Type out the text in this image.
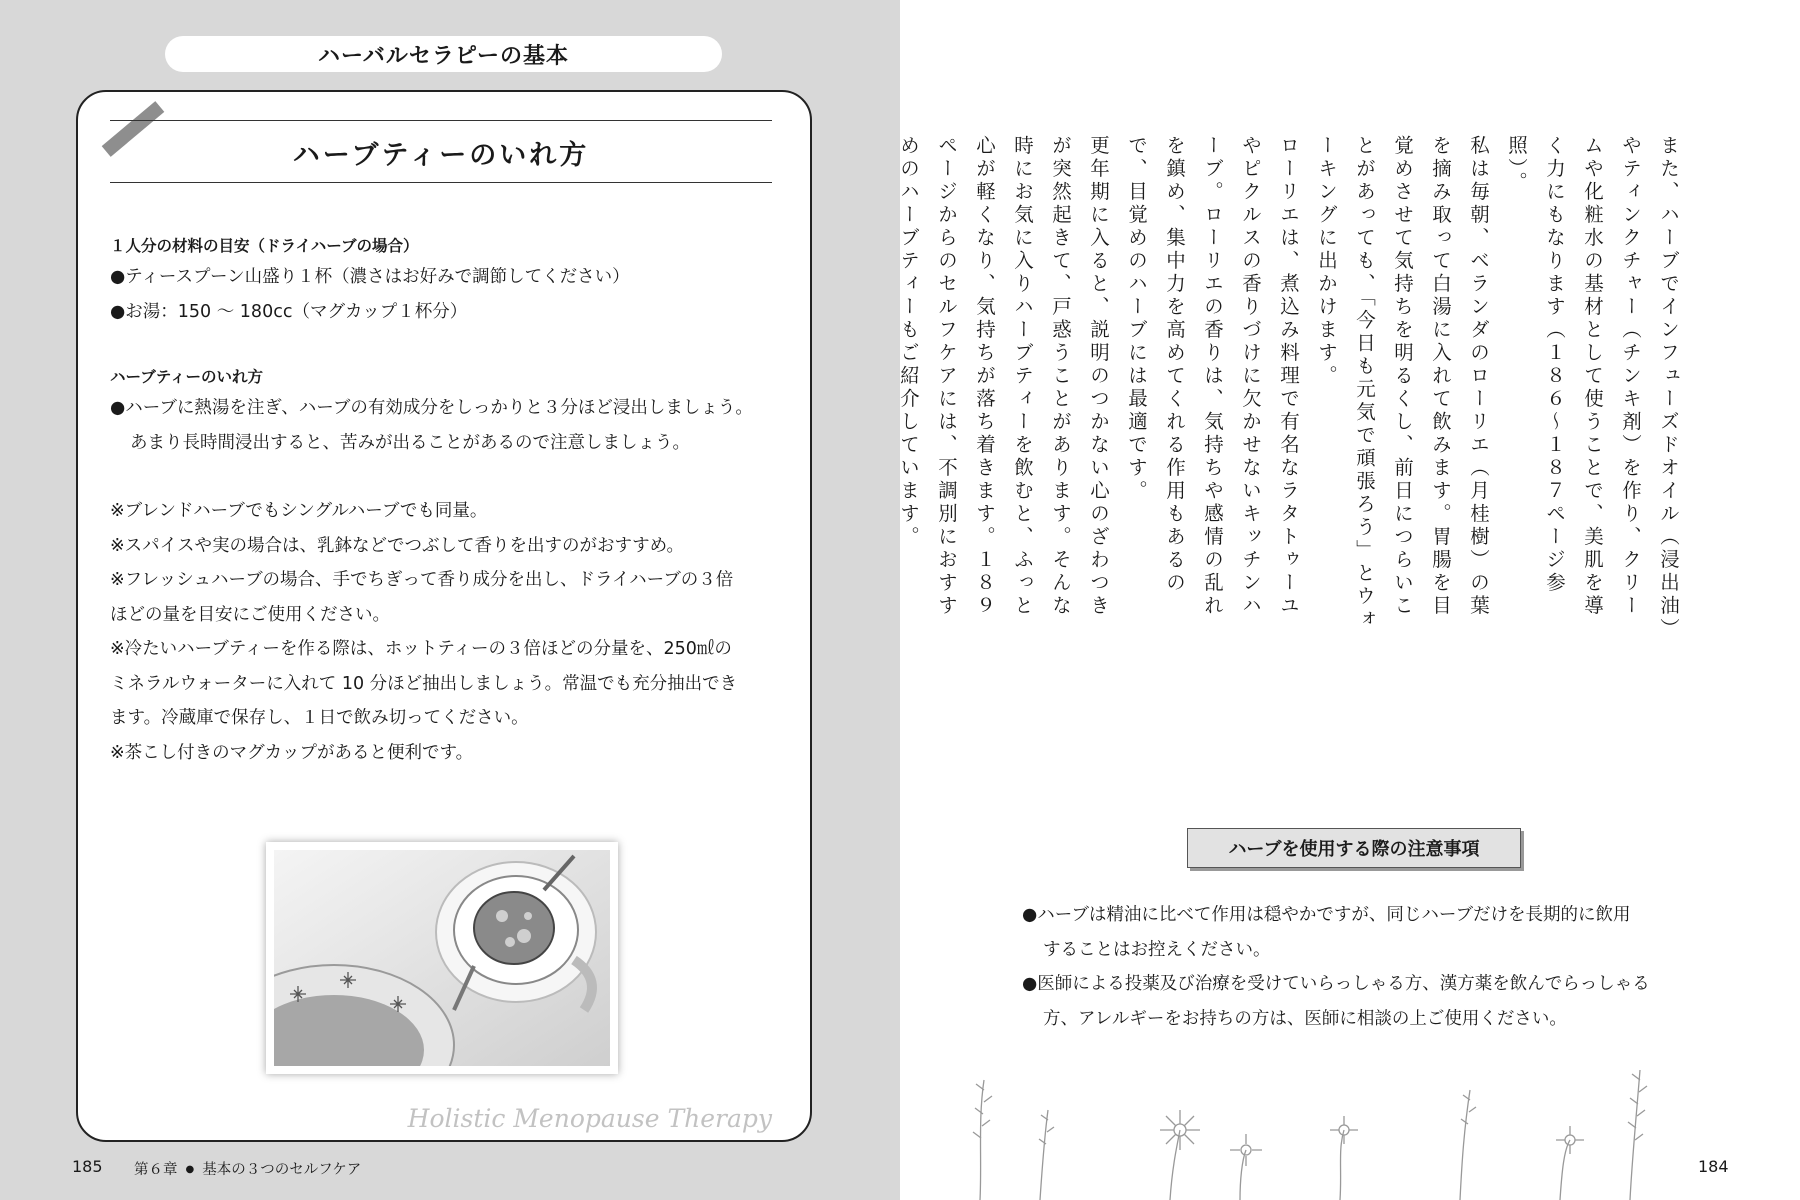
ハーバルセラピーの基本
ハーブティーのいれ方
１人分の材料の目安（ドライハーブの場合）
●ティースプーン山盛り１杯（濃さはお好みで調節してください）
●お湯：150 〜 180cc（マグカップ１杯分）
ハーブティーのいれ方
●ハーブに熱湯を注ぎ、ハーブの有効成分をしっかりと３分ほど浸出しましょう。
あまり長時間浸出すると、苦みが出ることがあるので注意しましょう。
※ブレンドハーブでもシングルハーブでも同量。
※スパイスや実の場合は、乳鉢などでつぶして香りを出すのがおすすめ。
※フレッシュハーブの場合、手でちぎって香り成分を出し、ドライハーブの３倍
ほどの量を目安にご使用ください。
※冷たいハーブティーを作る際は、ホットティーの３倍ほどの分量を、250㎖の
ミネラルウォーターに入れて 10 分ほど抽出しましょう。常温でも充分抽出でき
ます。冷蔵庫で保存し、１日で飲み切ってください。
※茶こし付きのマグカップがあると便利です。
Holistic Menopause Therapy
185 第６章 ● 基本の３つのセルフケア

また、ハーブでインフューズドオイル（浸出油）やティンクチャー（チンキ剤）を作り、クリームや化粧水の基材として使うことで、美肌を導く力にもなります（１８６〜１８７ページ参照）。

私は毎朝、ベランダのローリエ（月桂樹）の葉を摘み取って白湯に入れて飲みます。胃腸を目覚めさせて気持ちを明るくし、前日につらいことがあっても、「今日も元気で頑張ろう」とウォーキングに出かけます。

ローリエは、煮込み料理で有名なラタトゥーユやピクルスの香りづけに欠かせないキッチンハーブ。ローリエの香りは、気持ちや感情の乱れを鎮め、集中力を高めてくれる作用もあるので、目覚めのハーブには最適です。

更年期に入ると、説明のつかない心のざわつきが突然起きて、戸惑うことがあります。そんな時にお気に入りハーブティーを飲むと、ふっと心が軽くなり、気持ちが落ち着きます。１８９ページからのセルフケアには、不調別におすすめのハーブティーもご紹介しています。

ハーブを使用する際の注意事項
●ハーブは精油に比べて作用は穏やかですが、同じハーブだけを長期的に飲用
することはお控えください。
●医師による投薬及び治療を受けていらっしゃる方、漢方薬を飲んでらっしゃる
方、アレルギーをお持ちの方は、医師に相談の上ご使用ください。
184
